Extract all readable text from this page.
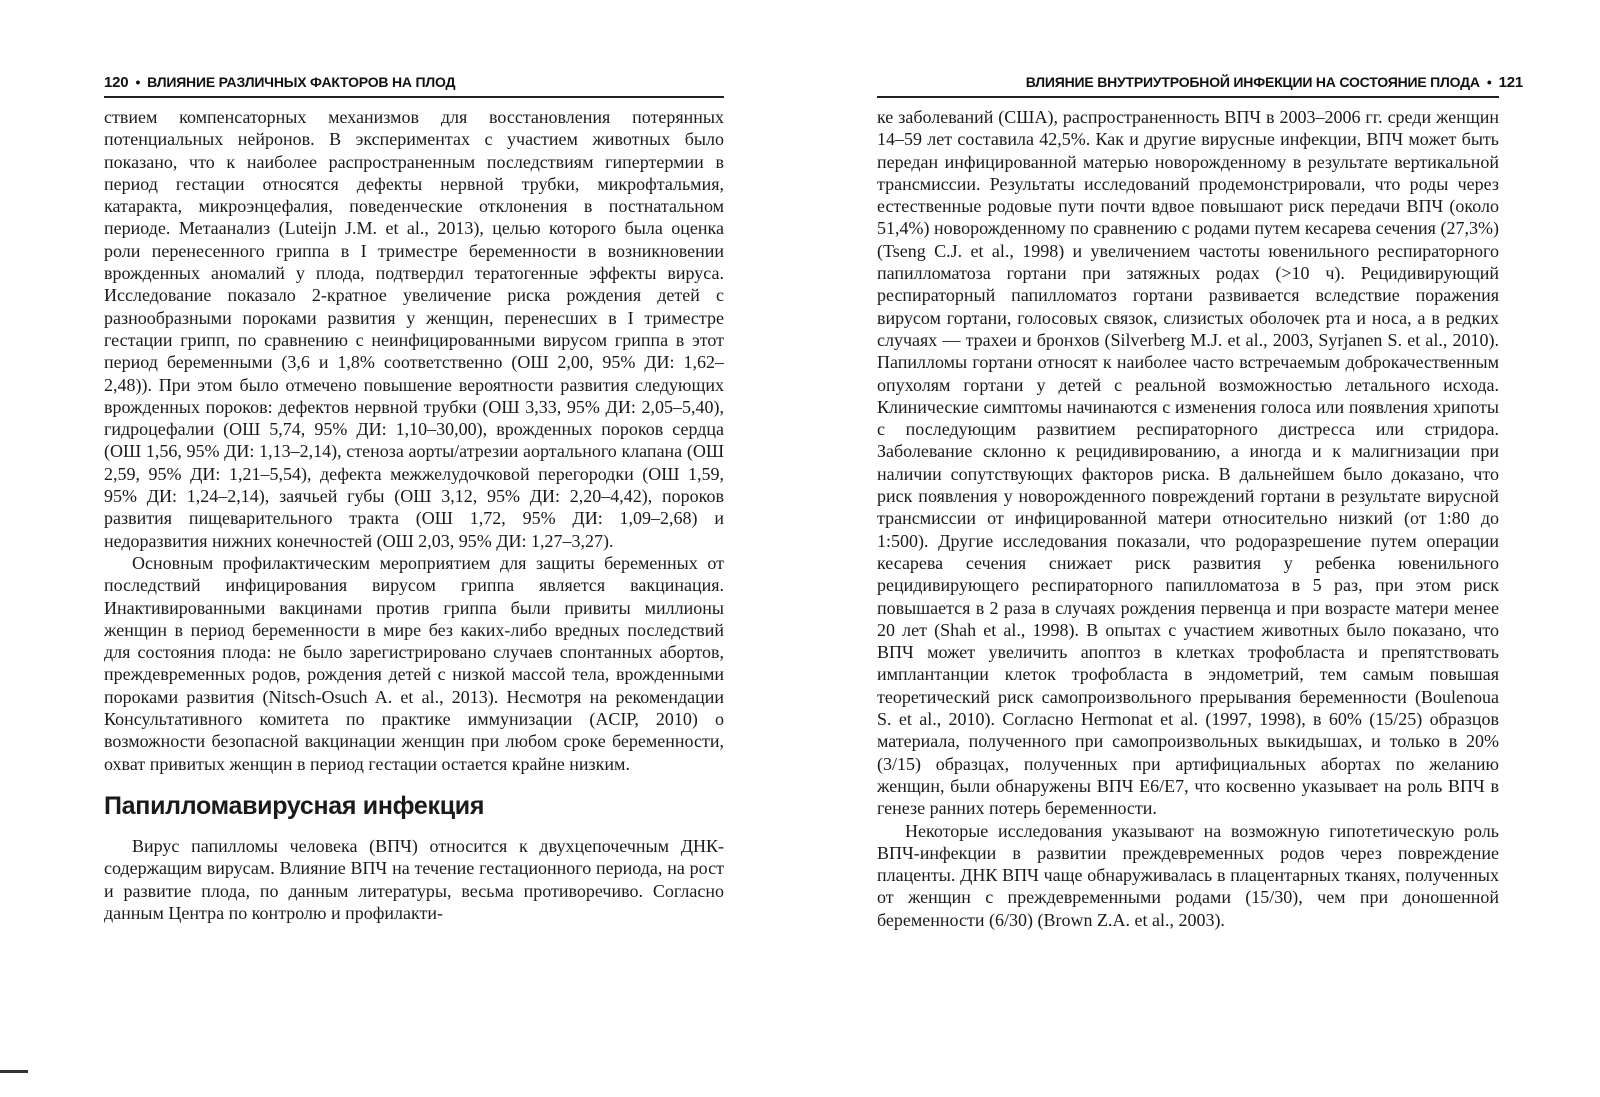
120 • ВЛИЯНИЕ РАЗЛИЧНЫХ ФАКТОРОВ НА ПЛОД

ствием компенсаторных механизмов для восстановления потерянных потенциальных нейронов. В экспериментах с участием животных было показано, что к наиболее распространенным последствиям гипертермии в период гестации относятся дефекты нервной трубки, микрофтальмия, катаракта, микроэнцефалия, поведенческие отклонения в постнатальном периоде. Метаанализ (Luteijn J.M. et al., 2013), целью которого была оценка роли перенесенного гриппа в I триместре беременности в возникновении врожденных аномалий у плода, подтвердил тератогенные эффекты вируса. Исследование показало 2-кратное увеличение риска рождения детей с разнообразными пороками развития у женщин, перенесших в I триместре гестации грипп, по сравнению с неинфицированными вирусом гриппа в этот период беременными (3,6 и 1,8% соответственно (ОШ 2,00, 95% ДИ: 1,62–2,48)). При этом было отмечено повышение вероятности развития следующих врожденных пороков: дефектов нервной трубки (ОШ 3,33, 95% ДИ: 2,05–5,40), гидроцефалии (ОШ 5,74, 95% ДИ: 1,10–30,00), врожденных пороков сердца (ОШ 1,56, 95% ДИ: 1,13–2,14), стеноза аорты/атрезии аортального клапана (ОШ 2,59, 95% ДИ: 1,21–5,54), дефекта межжелудочковой перегородки (ОШ 1,59, 95% ДИ: 1,24–2,14), заячьей губы (ОШ 3,12, 95% ДИ: 2,20–4,42), пороков развития пищеварительного тракта (ОШ 1,72, 95% ДИ: 1,09–2,68) и недоразвития нижних конечностей (ОШ 2,03, 95% ДИ: 1,27–3,27).

Основным профилактическим мероприятием для защиты беременных от последствий инфицирования вирусом гриппа является вакцинация. Инактивированными вакцинами против гриппа были привиты миллионы женщин в период беременности в мире без каких-либо вредных последствий для состояния плода: не было зарегистрировано случаев спонтанных абортов, преждевременных родов, рождения детей с низкой массой тела, врожденными пороками развития (Nitsch-Osuch A. et al., 2013). Несмотря на рекомендации Консультативного комитета по практике иммунизации (ACIP, 2010) о возможности безопасной вакцинации женщин при любом сроке беременности, охват привитых женщин в период гестации остается крайне низким.

Папилломавирусная инфекция

Вирус папилломы человека (ВПЧ) относится к двухцепочечным ДНК-содержащим вирусам. Влияние ВПЧ на течение гестационного периода, на рост и развитие плода, по данным литературы, весьма противоречиво. Согласно данным Центра по контролю и профилакти-

ВЛИЯНИЕ ВНУТРИУТРОБНОЙ ИНФЕКЦИИ НА СОСТОЯНИЕ ПЛОДА • 121

ке заболеваний (США), распространенность ВПЧ в 2003–2006 гг. среди женщин 14–59 лет составила 42,5%. Как и другие вирусные инфекции, ВПЧ может быть передан инфицированной матерью новорожденному в результате вертикальной трансмиссии. Результаты исследований продемонстрировали, что роды через естественные родовые пути почти вдвое повышают риск передачи ВПЧ (около 51,4%) новорожденному по сравнению с родами путем кесарева сечения (27,3%) (Tseng C.J. et al., 1998) и увеличением частоты ювенильного респираторного папилломатоза гортани при затяжных родах (>10 ч). Рецидивирующий респираторный папилломатоз гортани развивается вследствие поражения вирусом гортани, голосовых связок, слизистых оболочек рта и носа, а в редких случаях — трахеи и бронхов (Silverberg M.J. et al., 2003, Syrjanen S. et al., 2010). Папилломы гортани относят к наиболее часто встречаемым доброкачественным опухолям гортани у детей с реальной возможностью летального исхода. Клинические симптомы начинаются с изменения голоса или появления хрипоты с последующим развитием респираторного дистресса или стридора. Заболевание склонно к рецидивированию, а иногда и к малигнизации при наличии сопутствующих факторов риска. В дальнейшем было доказано, что риск появления у новорожденного повреждений гортани в результате вирусной трансмиссии от инфицированной матери относительно низкий (от 1:80 до 1:500). Другие исследования показали, что родоразрешение путем операции кесарева сечения снижает риск развития у ребенка ювенильного рецидивирующего респираторного папилломатоза в 5 раз, при этом риск повышается в 2 раза в случаях рождения первенца и при возрасте матери менее 20 лет (Shah et al., 1998). В опытах с участием животных было показано, что ВПЧ может увеличить апоптоз в клетках трофобласта и препятствовать имплантанции клеток трофобласта в эндометрий, тем самым повышая теоретический риск самопроизвольного прерывания беременности (Boulenoua S. et al., 2010). Согласно Hermonat et al. (1997, 1998), в 60% (15/25) образцов материала, полученного при самопроизвольных выкидышах, и только в 20% (3/15) образцах, полученных при артифициальных абортах по желанию женщин, были обнаружены ВПЧ Е6/Е7, что косвенно указывает на роль ВПЧ в генезе ранних потерь беременности.

Некоторые исследования указывают на возможную гипотетическую роль ВПЧ-инфекции в развитии преждевременных родов через повреждение плаценты. ДНК ВПЧ чаще обнаруживалась в плацентарных тканях, полученных от женщин с преждевременными родами (15/30), чем при доношенной беременности (6/30) (Brown Z.A. et al., 2003).
